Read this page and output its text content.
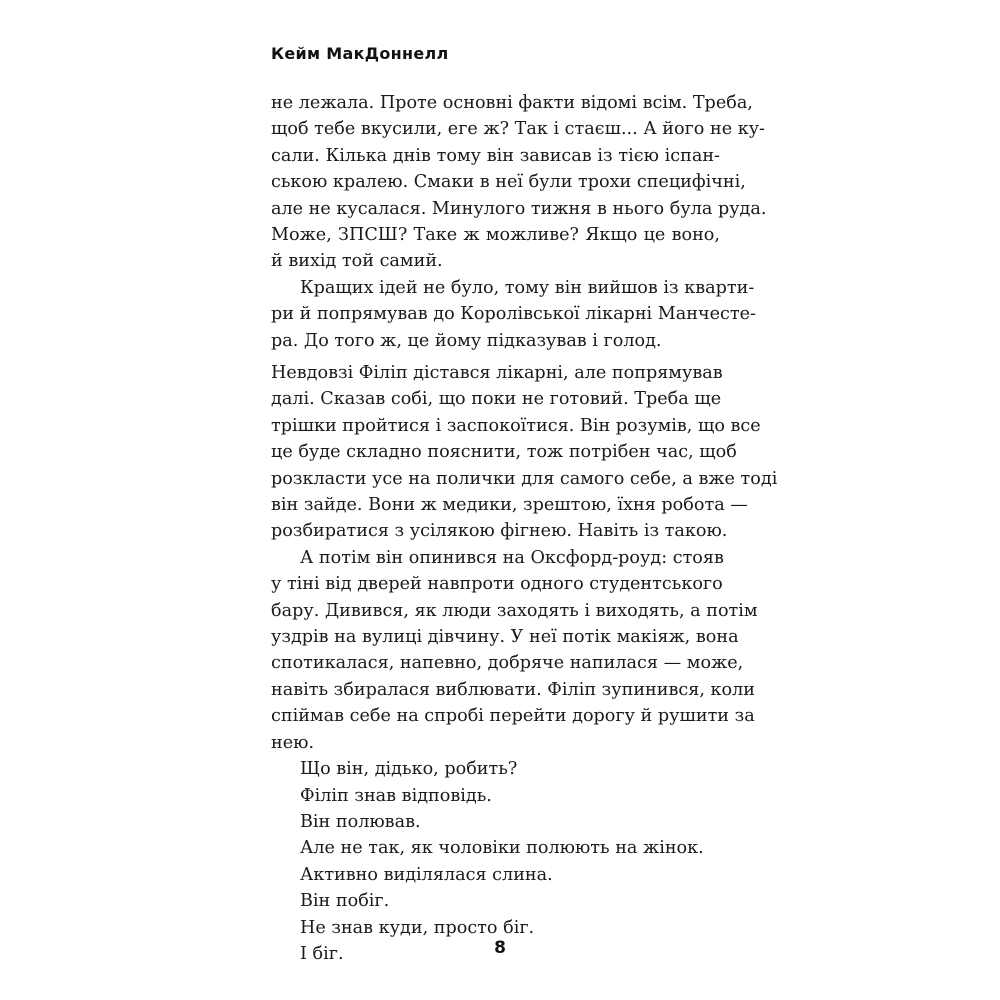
Кейм МакДоннелл
не лежала. Проте основні факти відомі всім. Треба,
щоб тебе вкусили, еге ж? Так і стаєш... А його не ку-
сали. Кілька днів тому він зависав із тією іспан-
ською кралею. Смаки в неї були трохи специфічні,
але не кусалася. Минулого тижня в нього була руда.
Може, ЗПСШ? Таке ж можливе? Якщо це воно,
й вихід той самий.
Кращих ідей не було, тому він вийшов із кварти-
ри й попрямував до Королівської лікарні Манчесте-
ра. До того ж, це йому підказував і голод.
Невдовзі Філіп дістався лікарні, але попрямував
далі. Сказав собі, що поки не готовий. Треба ще
трішки пройтися і заспокоїтися. Він розумів, що все
це буде складно пояснити, тож потрібен час, щоб
розкласти усе на полички для самого себе, а вже тоді
він зайде. Вони ж медики, зрештою, їхня робота —
розбиратися з усілякою фігнею. Навіть із такою.
А потім він опинився на Оксфорд-роуд: стояв
у тіні від дверей навпроти одного студентського
бару. Дивився, як люди заходять і виходять, а потім
уздрів на вулиці дівчину. У неї потік макіяж, вона
спотикалася, напевно, добряче напилася — може,
навіть збиралася виблювати. Філіп зупинився, коли
спіймав себе на спробі перейти дорогу й рушити за
нею.
Що він, дідько, робить?
Філіп знав відповідь.
Він полював.
Але не так, як чоловіки полюють на жінок.
Активно виділялася слина.
Він побіг.
Не знав куди, просто біг.
І біг.	8
